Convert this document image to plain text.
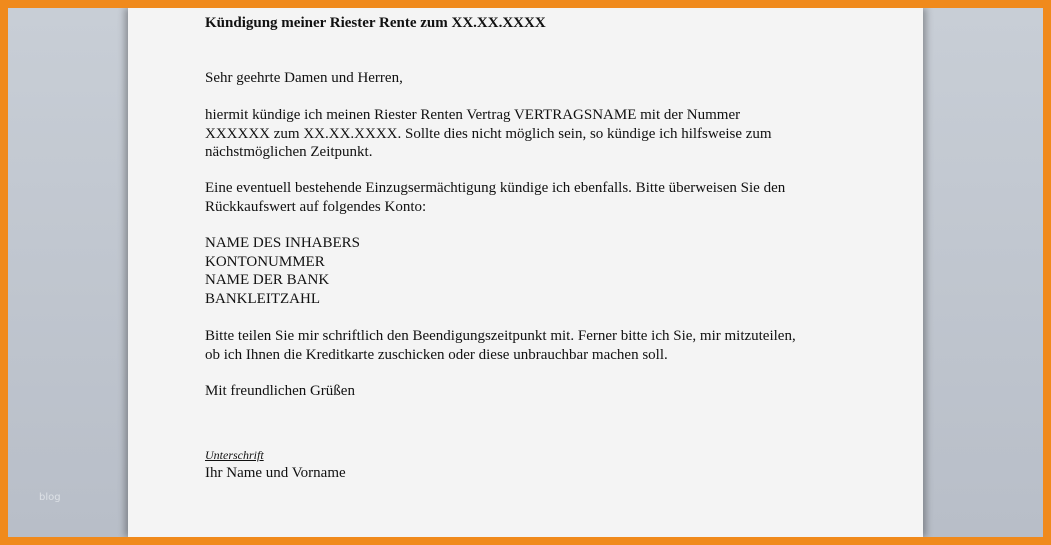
blog

Kündigung meiner Riester Rente zum XX.XX.XXXX

Sehr geehrte Damen und Herren,

hiermit kündige ich meinen Riester Renten Vertrag VERTRAGSNAME mit der Nummer

XXXXXX zum XX.XX.XXXX. Sollte dies nicht möglich sein, so kündige ich hilfsweise zum

nächstmöglichen Zeitpunkt.

Eine eventuell bestehende Einzugsermächtigung kündige ich ebenfalls. Bitte überweisen Sie den

Rückkaufswert auf folgendes Konto:

NAME DES INHABERS

KONTONUMMER

NAME DER BANK

BANKLEITZAHL

Bitte teilen Sie mir schriftlich den Beendigungszeitpunkt mit. Ferner bitte ich Sie, mir mitzuteilen,

ob ich Ihnen die Kreditkarte zuschicken oder diese unbrauchbar machen soll.

Mit freundlichen Grüßen

Unterschrift

Ihr Name und Vorname
